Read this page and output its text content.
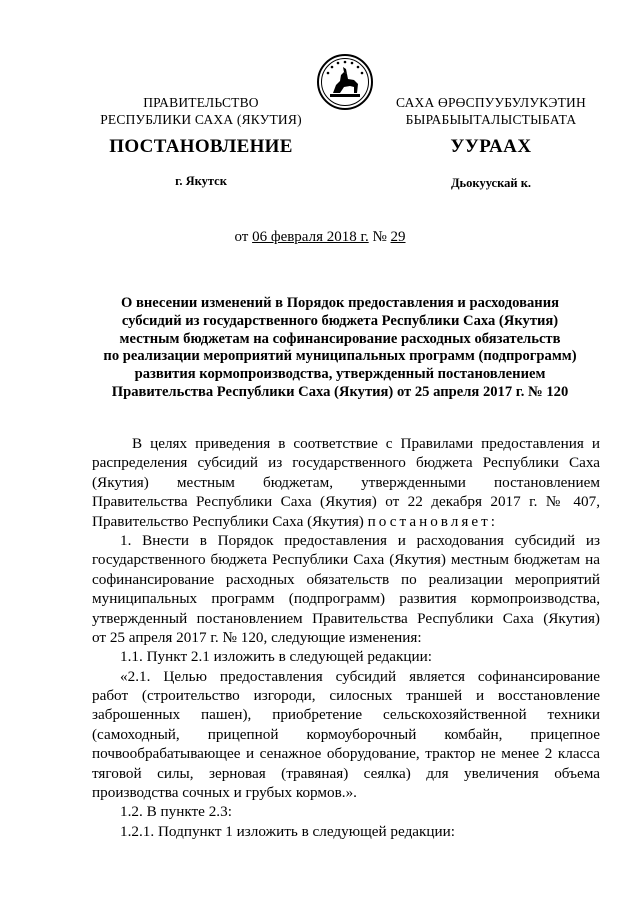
ПРАВИТЕЛЬСТВО
РЕСПУБЛИКИ САХА (ЯКУТИЯ)
САХА ӨРӨСПУУБУЛУКЭТИН
БЫРАБЫЫТАЛЫСТЫБАТА
ПОСТАНОВЛЕНИЕ	УУРААХ
г. Якутск	Дьокуускай к.
от 06 февраля 2018 г. № 29
О внесении изменений в Порядок предоставления и расходования
субсидий из государственного бюджета Республики Саха (Якутия)
местным бюджетам на софинансирование расходных обязательств
по реализации мероприятий муниципальных программ (подпрограмм)
развития кормопроизводства, утвержденный постановлением
Правительства Республики Саха (Якутия) от 25 апреля 2017 г. № 120
В целях приведения в соответствие с Правилами предоставления и
распределения субсидий из государственного бюджета Республики Саха
(Якутия) местным бюджетам, утвержденными постановлением
Правительства Республики Саха (Якутия) от 22 декабря 2017 г. № 407,
Правительство Республики Саха (Якутия) постановляет:
1. Внести в Порядок предоставления и расходования субсидий из
государственного бюджета Республики Саха (Якутия) местным бюджетам на
софинансирование расходных обязательств по реализации мероприятий
муниципальных программ (подпрограмм) развития кормопроизводства,
утвержденный постановлением Правительства Республики Саха (Якутия)
от 25 апреля 2017 г. № 120, следующие изменения:
1.1. Пункт 2.1 изложить в следующей редакции:
«2.1. Целью предоставления субсидий является софинансирование
работ (строительство изгороди, силосных траншей и восстановление
заброшенных пашен), приобретение сельскохозяйственной техники
(самоходный, прицепной кормоуборочный комбайн, прицепное
почвообрабатывающее и сенажное оборудование, трактор не менее 2 класса
тяговой силы, зерновая (травяная) сеялка) для увеличения объема
производства сочных и грубых кормов.».
1.2. В пункте 2.3:
1.2.1. Подпункт 1 изложить в следующей редакции:
